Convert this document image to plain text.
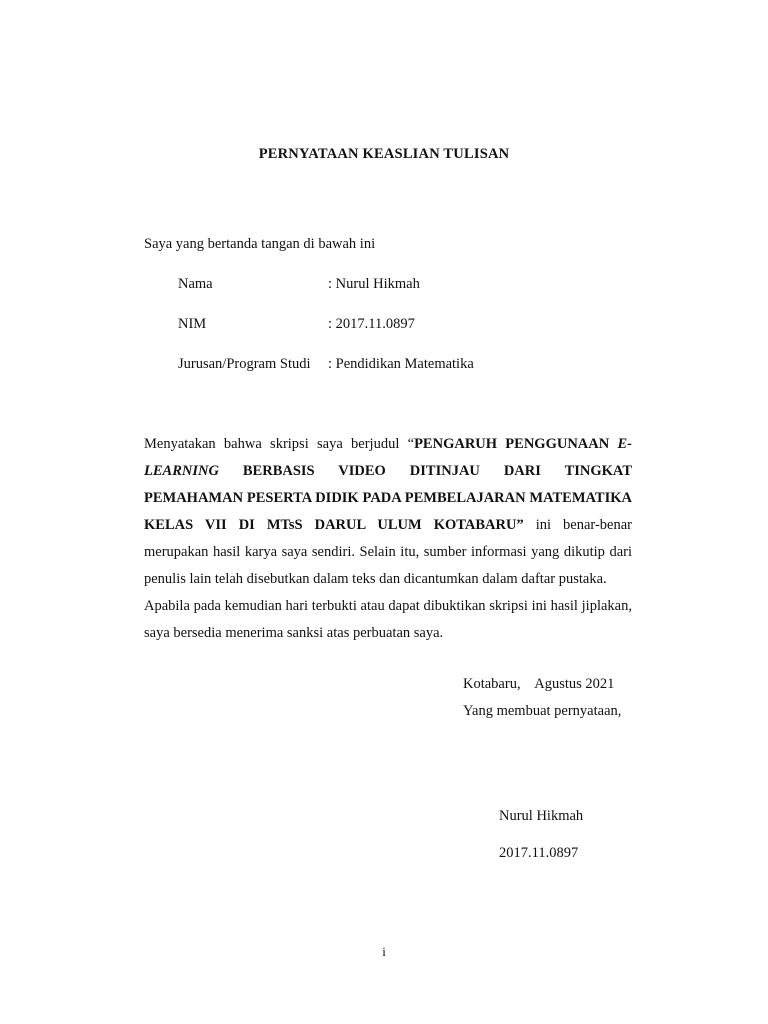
PERNYATAAN KEASLIAN TULISAN
Saya yang bertanda tangan di bawah ini
Nama	: Nurul Hikmah
NIM	: 2017.11.0897
Jurusan/Program Studi : Pendidikan Matematika

Menyatakan bahwa skripsi saya berjudul “PENGARUH PENGGUNAAN E-LEARNING BERBASIS VIDEO DITINJAU DARI TINGKAT PEMAHAMAN PESERTA DIDIK PADA PEMBELAJARAN MATEMATIKA KELAS VII DI MTsS DARUL ULUM KOTABARU” ini benar-benar merupakan hasil karya saya sendiri. Selain itu, sumber informasi yang dikutip dari penulis lain telah disebutkan dalam teks dan dicantumkan dalam daftar pustaka.

Apabila pada kemudian hari terbukti atau dapat dibuktikan skripsi ini hasil jiplakan, saya bersedia menerima sanksi atas perbuatan saya.

Kotabaru,    Agustus 2021
Yang membuat pernyataan,
Nurul Hikmah
2017.11.0897
i
